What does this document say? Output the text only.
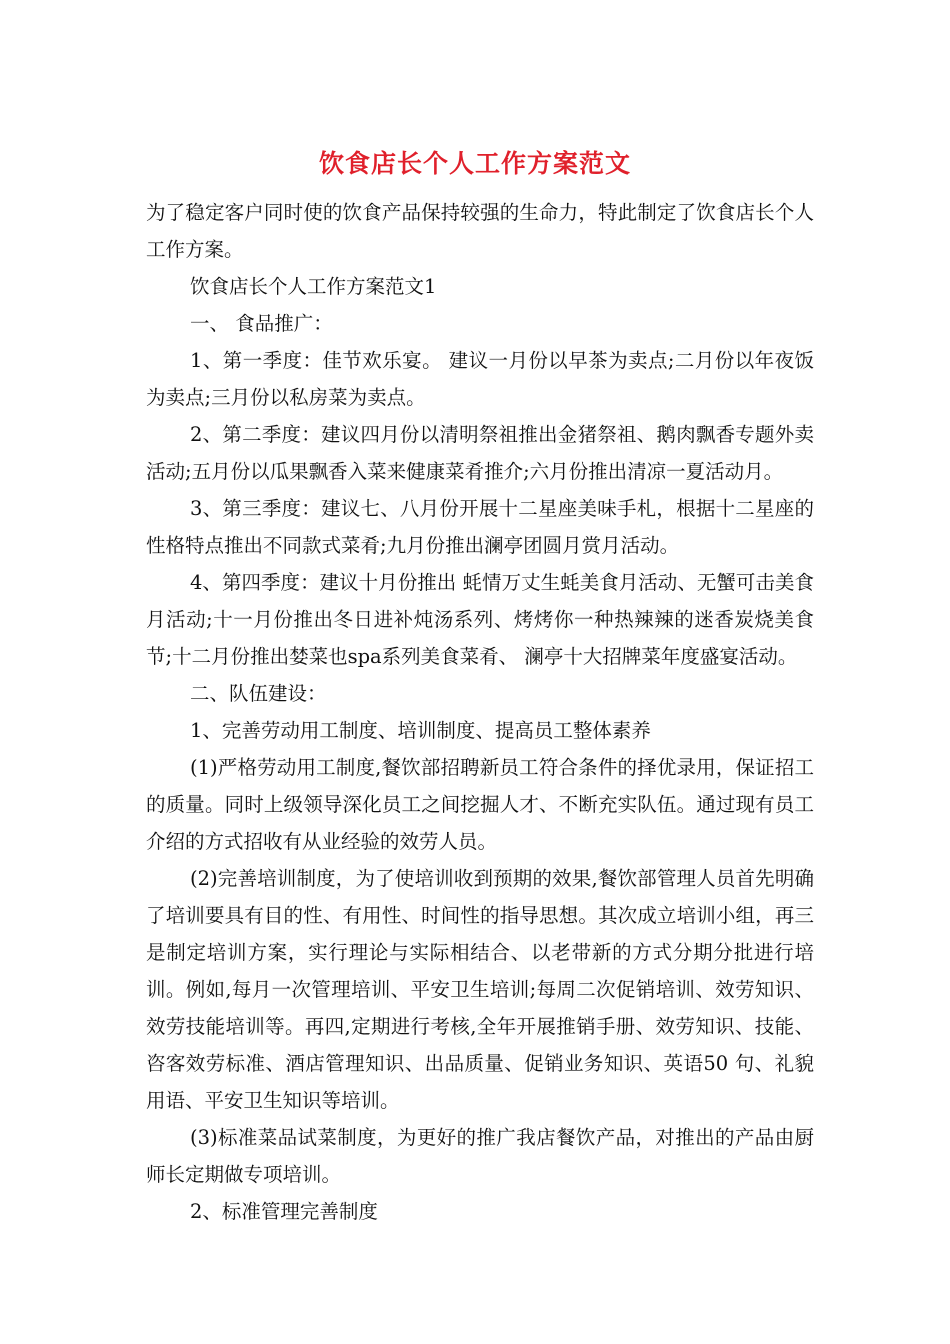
饮食店长个人工作方案范文

为了稳定客户同时使的饮食产品保持较强的生命力，特此制定了饮食店长个人工作方案。

饮食店长个人工作方案范文1

一、 食品推广：

1、第一季度：佳节欢乐宴。 建议一月份以早茶为卖点;二月份以年夜饭为卖点;三月份以私房菜为卖点。

2、第二季度：建议四月份以清明祭祖推出金猪祭祖、鹅肉飘香专题外卖活动;五月份以瓜果飘香入菜来健康菜肴推介;六月份推出清凉一夏活动月。

3、第三季度：建议七、八月份开展十二星座美味手札，根据十二星座的性格特点推出不同款式菜肴;九月份推出澜亭团圆月赏月活动。

4、第四季度：建议十月份推出 蚝情万丈生蚝美食月活动、无蟹可击美食月活动;十一月份推出冬日进补炖汤系列、烤烤你一种热辣辣的迷香炭烧美食节;十二月份推出婪菜也spa系列美食菜肴、 澜亭十大招牌菜年度盛宴活动。

二、队伍建设：

1、完善劳动用工制度、培训制度、提高员工整体素养

(1)严格劳动用工制度,餐饮部招聘新员工符合条件的择优录用，保证招工的质量。同时上级领导深化员工之间挖掘人才、不断充实队伍。通过现有员工介绍的方式招收有从业经验的效劳人员。

(2)完善培训制度，为了使培训收到预期的效果,餐饮部管理人员首先明确了培训要具有目的性、有用性、时间性的指导思想。其次成立培训小组，再三是制定培训方案，实行理论与实际相结合、以老带新的方式分期分批进行培训。例如,每月一次管理培训、平安卫生培训;每周二次促销培训、效劳知识、效劳技能培训等。再四,定期进行考核,全年开展推销手册、效劳知识、技能、咨客效劳标准、酒店管理知识、出品质量、促销业务知识、英语50 句、礼貌用语、平安卫生知识等培训。

(3)标准菜品试菜制度，为更好的推广我店餐饮产品，对推出的产品由厨师长定期做专项培训。

2、标准管理完善制度
